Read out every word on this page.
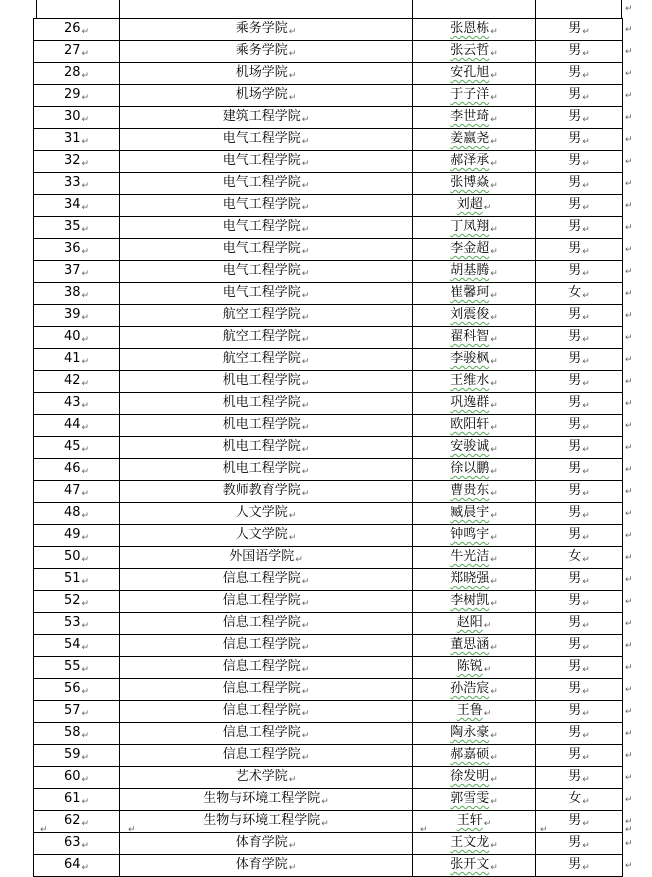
26↵	乘务学院↵	张恩栋↵	男↵
27↵	乘务学院↵	张云哲↵	男↵
28↵	机场学院↵	安孔旭↵	男↵
29↵	机场学院↵	于子洋↵	男↵
30↵	建筑工程学院↵	李世琦↵	男↵
31↵	电气工程学院↵	姜嬴尧↵	男↵
32↵	电气工程学院↵	郝泽承↵	男↵
33↵	电气工程学院↵	张博焱↵	男↵
34↵	电气工程学院↵	刘超↵	男↵
35↵	电气工程学院↵	丁凤翔↵	男↵
36↵	电气工程学院↵	李金超↵	男↵
37↵	电气工程学院↵	胡基腾↵	男↵
38↵	电气工程学院↵	崔馨珂↵	女↵
39↵	航空工程学院↵	刘震俊↵	男↵
40↵	航空工程学院↵	翟科智↵	男↵
41↵	航空工程学院↵	李骏枫↵	男↵
42↵	机电工程学院↵	王维水↵	男↵
43↵	机电工程学院↵	巩逸群↵	男↵
44↵	机电工程学院↵	欧阳轩↵	男↵
45↵	机电工程学院↵	安骏诚↵	男↵
46↵	机电工程学院↵	徐以鹏↵	男↵
47↵	教师教育学院↵	曹贵东↵	男↵
48↵	人文学院↵	臧晨宇↵	男↵
49↵	人文学院↵	钟鸣宇↵	男↵
50↵	外国语学院↵	牛光洁↵	女↵
51↵	信息工程学院↵	郑晓强↵	男↵
52↵	信息工程学院↵	李树凯↵	男↵
53↵	信息工程学院↵	赵阳↵	男↵
54↵	信息工程学院↵	董思涵↵	男↵
55↵	信息工程学院↵	陈锐↵	男↵
56↵	信息工程学院↵	孙浩宸↵	男↵
57↵	信息工程学院↵	王鲁↵	男↵
58↵	信息工程学院↵	陶永豪↵	男↵
59↵	信息工程学院↵	郝嘉硕↵	男↵
60↵	艺术学院↵	徐发明↵	男↵
61↵	生物与环境工程学院↵	郭雪雯↵	女↵
62↵	生物与环境工程学院↵	王轩↵	男↵
63↵	体育学院↵	王文龙↵	男↵
64↵	体育学院↵	张开文↵	男↵
↵
↵
↵
↵
↵
↵
↵
↵
↵
↵
↵
↵
↵
↵
↵
↵
↵
↵
↵
↵
↵
↵
↵
↵
↵
↵
↵
↵
↵
↵
↵
↵
↵
↵
↵
↵
↵
↵
↵
↵
↵	↵	↵	↵	↵
